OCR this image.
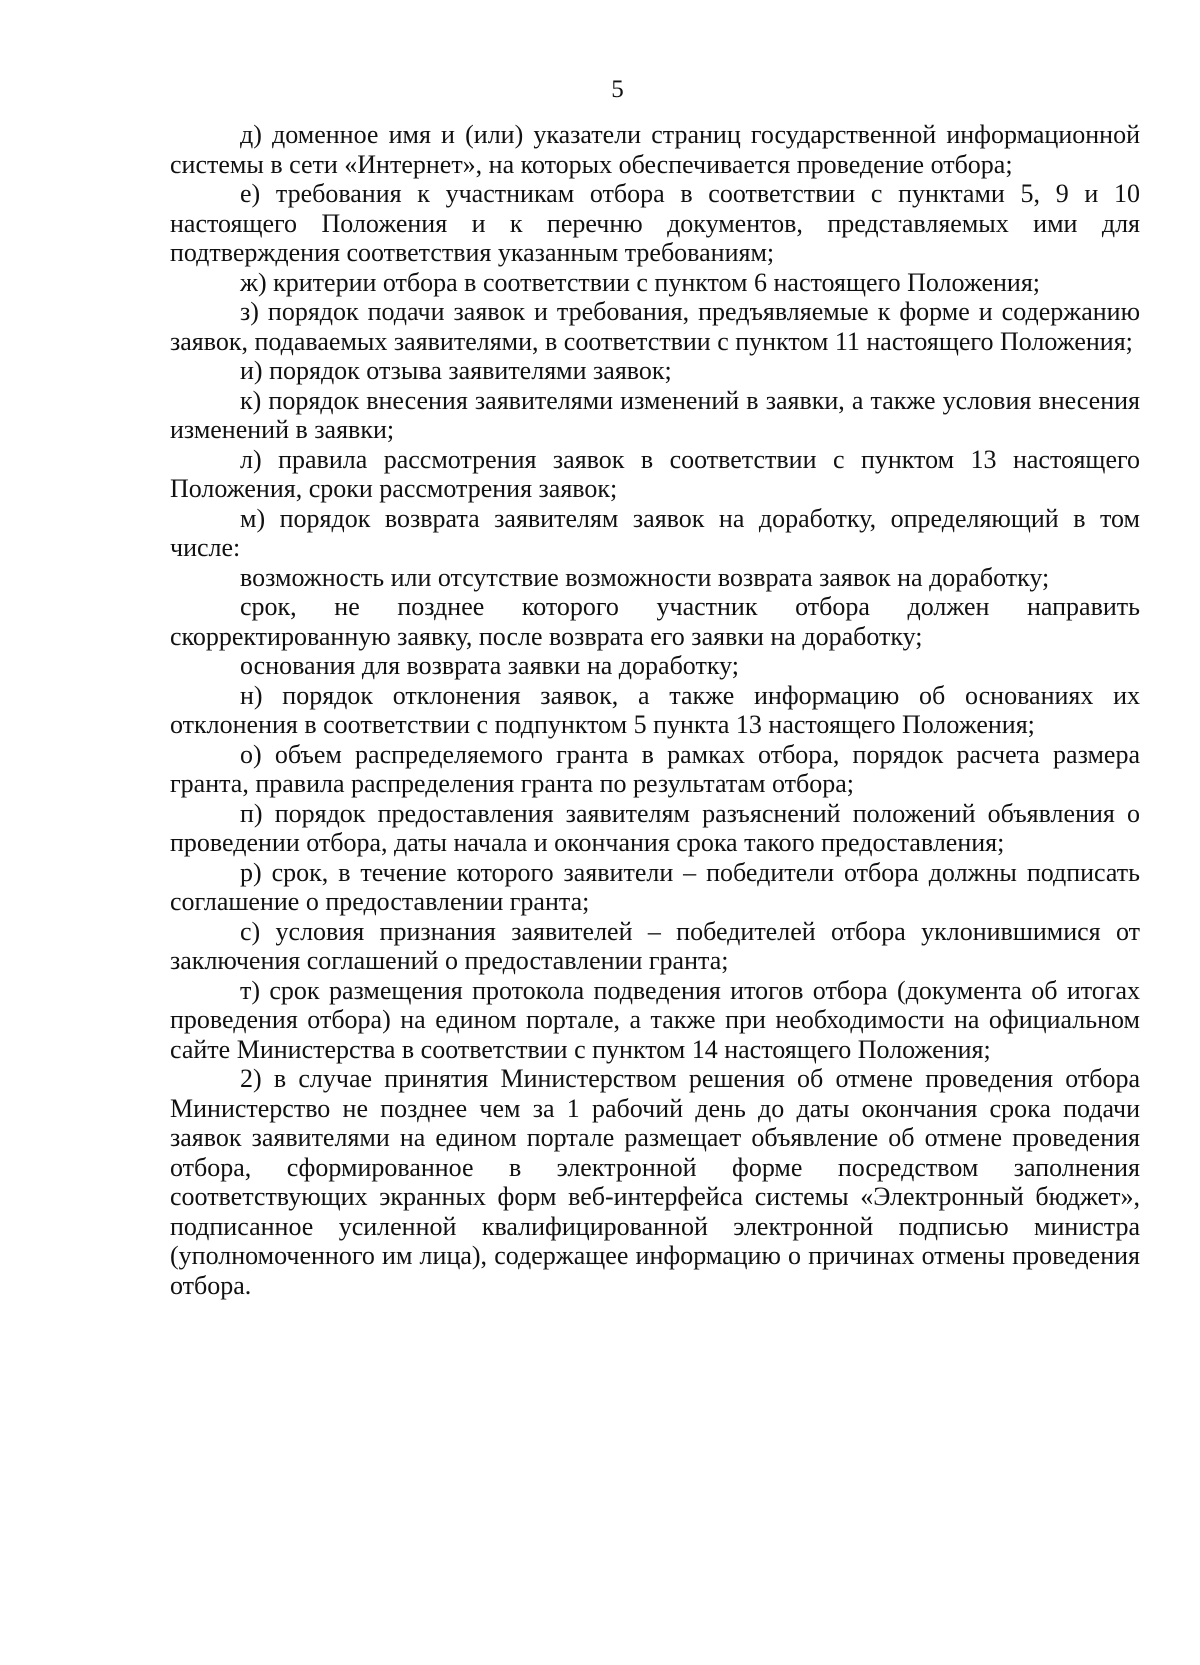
5

д) доменное имя и (или) указатели страниц государственной информационной системы в сети «Интернет», на которых обеспечивается проведение отбора;

е) требования к участникам отбора в соответствии с пунктами 5, 9 и 10 настоящего Положения и к перечню документов, представляемых ими для подтверждения соответствия указанным требованиям;

ж) критерии отбора в соответствии с пунктом 6 настоящего Положения;

з) порядок подачи заявок и требования, предъявляемые к форме и содержанию заявок, подаваемых заявителями, в соответствии с пунктом 11 настоящего Положения;

и) порядок отзыва заявителями заявок;

к) порядок внесения заявителями изменений в заявки, а также условия внесения изменений в заявки;

л) правила рассмотрения заявок в соответствии с пунктом 13 настоящего Положения, сроки рассмотрения заявок;

м) порядок возврата заявителям заявок на доработку, определяющий в том числе:

возможность или отсутствие возможности возврата заявок на доработку;

срок, не позднее которого участник отбора должен направить скорректированную заявку, после возврата его заявки на доработку;

основания для возврата заявки на доработку;

н) порядок отклонения заявок, а также информацию об основаниях их отклонения в соответствии с подпунктом 5 пункта 13 настоящего Положения;

о) объем распределяемого гранта в рамках отбора, порядок расчета размера гранта, правила распределения гранта по результатам отбора;

п) порядок предоставления заявителям разъяснений положений объявления о проведении отбора, даты начала и окончания срока такого предоставления;

р) срок, в течение которого заявители – победители отбора должны подписать соглашение о предоставлении гранта;

с) условия признания заявителей – победителей отбора уклонившимися от заключения соглашений о предоставлении гранта;

т) срок размещения протокола подведения итогов отбора (документа об итогах проведения отбора) на едином портале, а также при необходимости на официальном сайте Министерства в соответствии с пунктом 14 настоящего Положения;

2) в случае принятия Министерством решения об отмене проведения отбора Министерство не позднее чем за 1 рабочий день до даты окончания срока подачи заявок заявителями на едином портале размещает объявление об отмене проведения отбора, сформированное в электронной форме посредством заполнения соответствующих экранных форм веб-интерфейса системы «Электронный бюджет», подписанное усиленной квалифицированной электронной подписью министра (уполномоченного им лица), содержащее информацию о причинах отмены проведения отбора.
